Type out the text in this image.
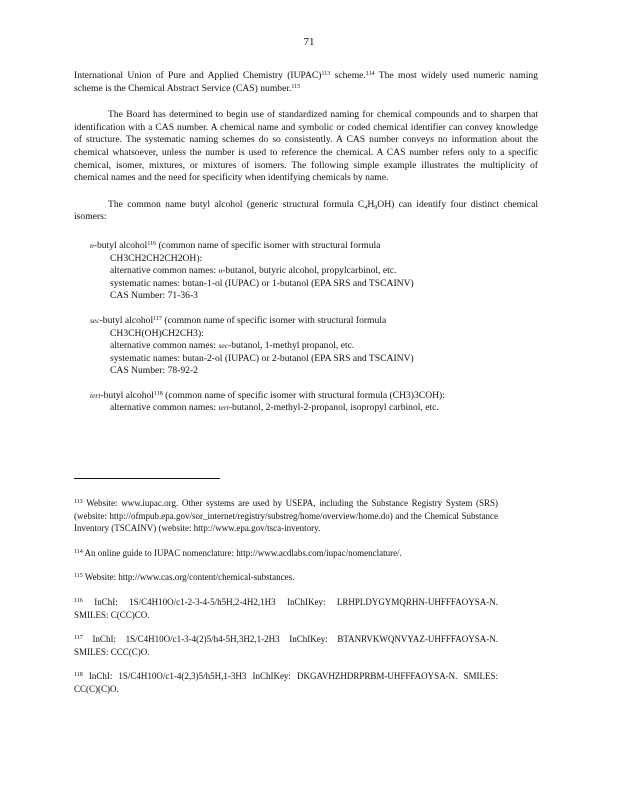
71

International Union of Pure and Applied Chemistry (IUPAC)$^{113}$ scheme.$^{114}$ The most widely used numeric naming scheme is the Chemical Abstract Service (CAS) number.$^{115}$

The Board has determined to begin use of standardized naming for chemical compounds and to sharpen that identification with a CAS number. A chemical name and symbolic or coded chemical identifier can convey knowledge of structure. The systematic naming schemes do so consistently. A CAS number conveys no information about the chemical whatsoever, unless the number is used to reference the chemical. A CAS number refers only to a specific chemical, isomer, mixtures, or mixtures of isomers. The following simple example illustrates the multiplicity of chemical names and the need for specificity when identifying chemicals by name.

The common name butyl alcohol (generic structural formula $C_4H_9OH$) can identify four distinct chemical isomers:

n-butyl alcohol$^{116}$ (common name of specific isomer with structural formula
CH3CH2CH2CH2OH):
alternative common names: n-butanol, butyric alcohol, propylcarbinol, etc.
systematic names: butan-1-ol (IUPAC) or 1-butanol (EPA SRS and TSCAINV)
CAS Number: 71-36-3
sec-butyl alcohol$^{117}$ (common name of specific isomer with structural formula
CH3CH(OH)CH2CH3):
alternative common names: sec-butanol, 1-methyl propanol, etc.
systematic names: butan-2-ol (IUPAC) or 2-butanol (EPA SRS and TSCAINV)
CAS Number: 78-92-2
tert-butyl alcohol$^{118}$ (common name of specific isomer with structural formula (CH3)3COH):
alternative common names: tert-butanol, 2-methyl-2-propanol, isopropyl carbinol, etc.

$^{113}$ Website: www.iupac.org. Other systems are used by USEPA, including the Substance Registry System (SRS) (website: http://ofmpub.epa.gov/sor_internet/registry/substreg/home/overview/home.do) and the Chemical Substance Inventory (TSCAINV) (website: http://www.epa.gov/tsca-inventory.

$^{114}$ An online guide to IUPAC nomenclature: http://www.acdlabs.com/iupac/nomenclature/.

$^{115}$ Website: http://www.cas.org/content/chemical-substances.

$^{116}$ InChI: 1S/C4H10O/c1-2-3-4-5/h5H,2-4H2,1H3 InChIKey: LRHPLDYGYMQRHN-UHFFFAOYSA-N. SMILES: C(CC)CO.

$^{117}$ InChI: 1S/C4H10O/c1-3-4(2)5/h4-5H,3H2,1-2H3 InChIKey: BTANRVKWQNVYAZ-UHFFFAOYSA-N. SMILES: CCC(C)O.

$^{118}$ InChI: 1S/C4H10O/c1-4(2,3)5/h5H,1-3H3 InChIKey: DKGAVHZHDRPRBM-UHFFFAOYSA-N. SMILES: CC(C)(C)O.
